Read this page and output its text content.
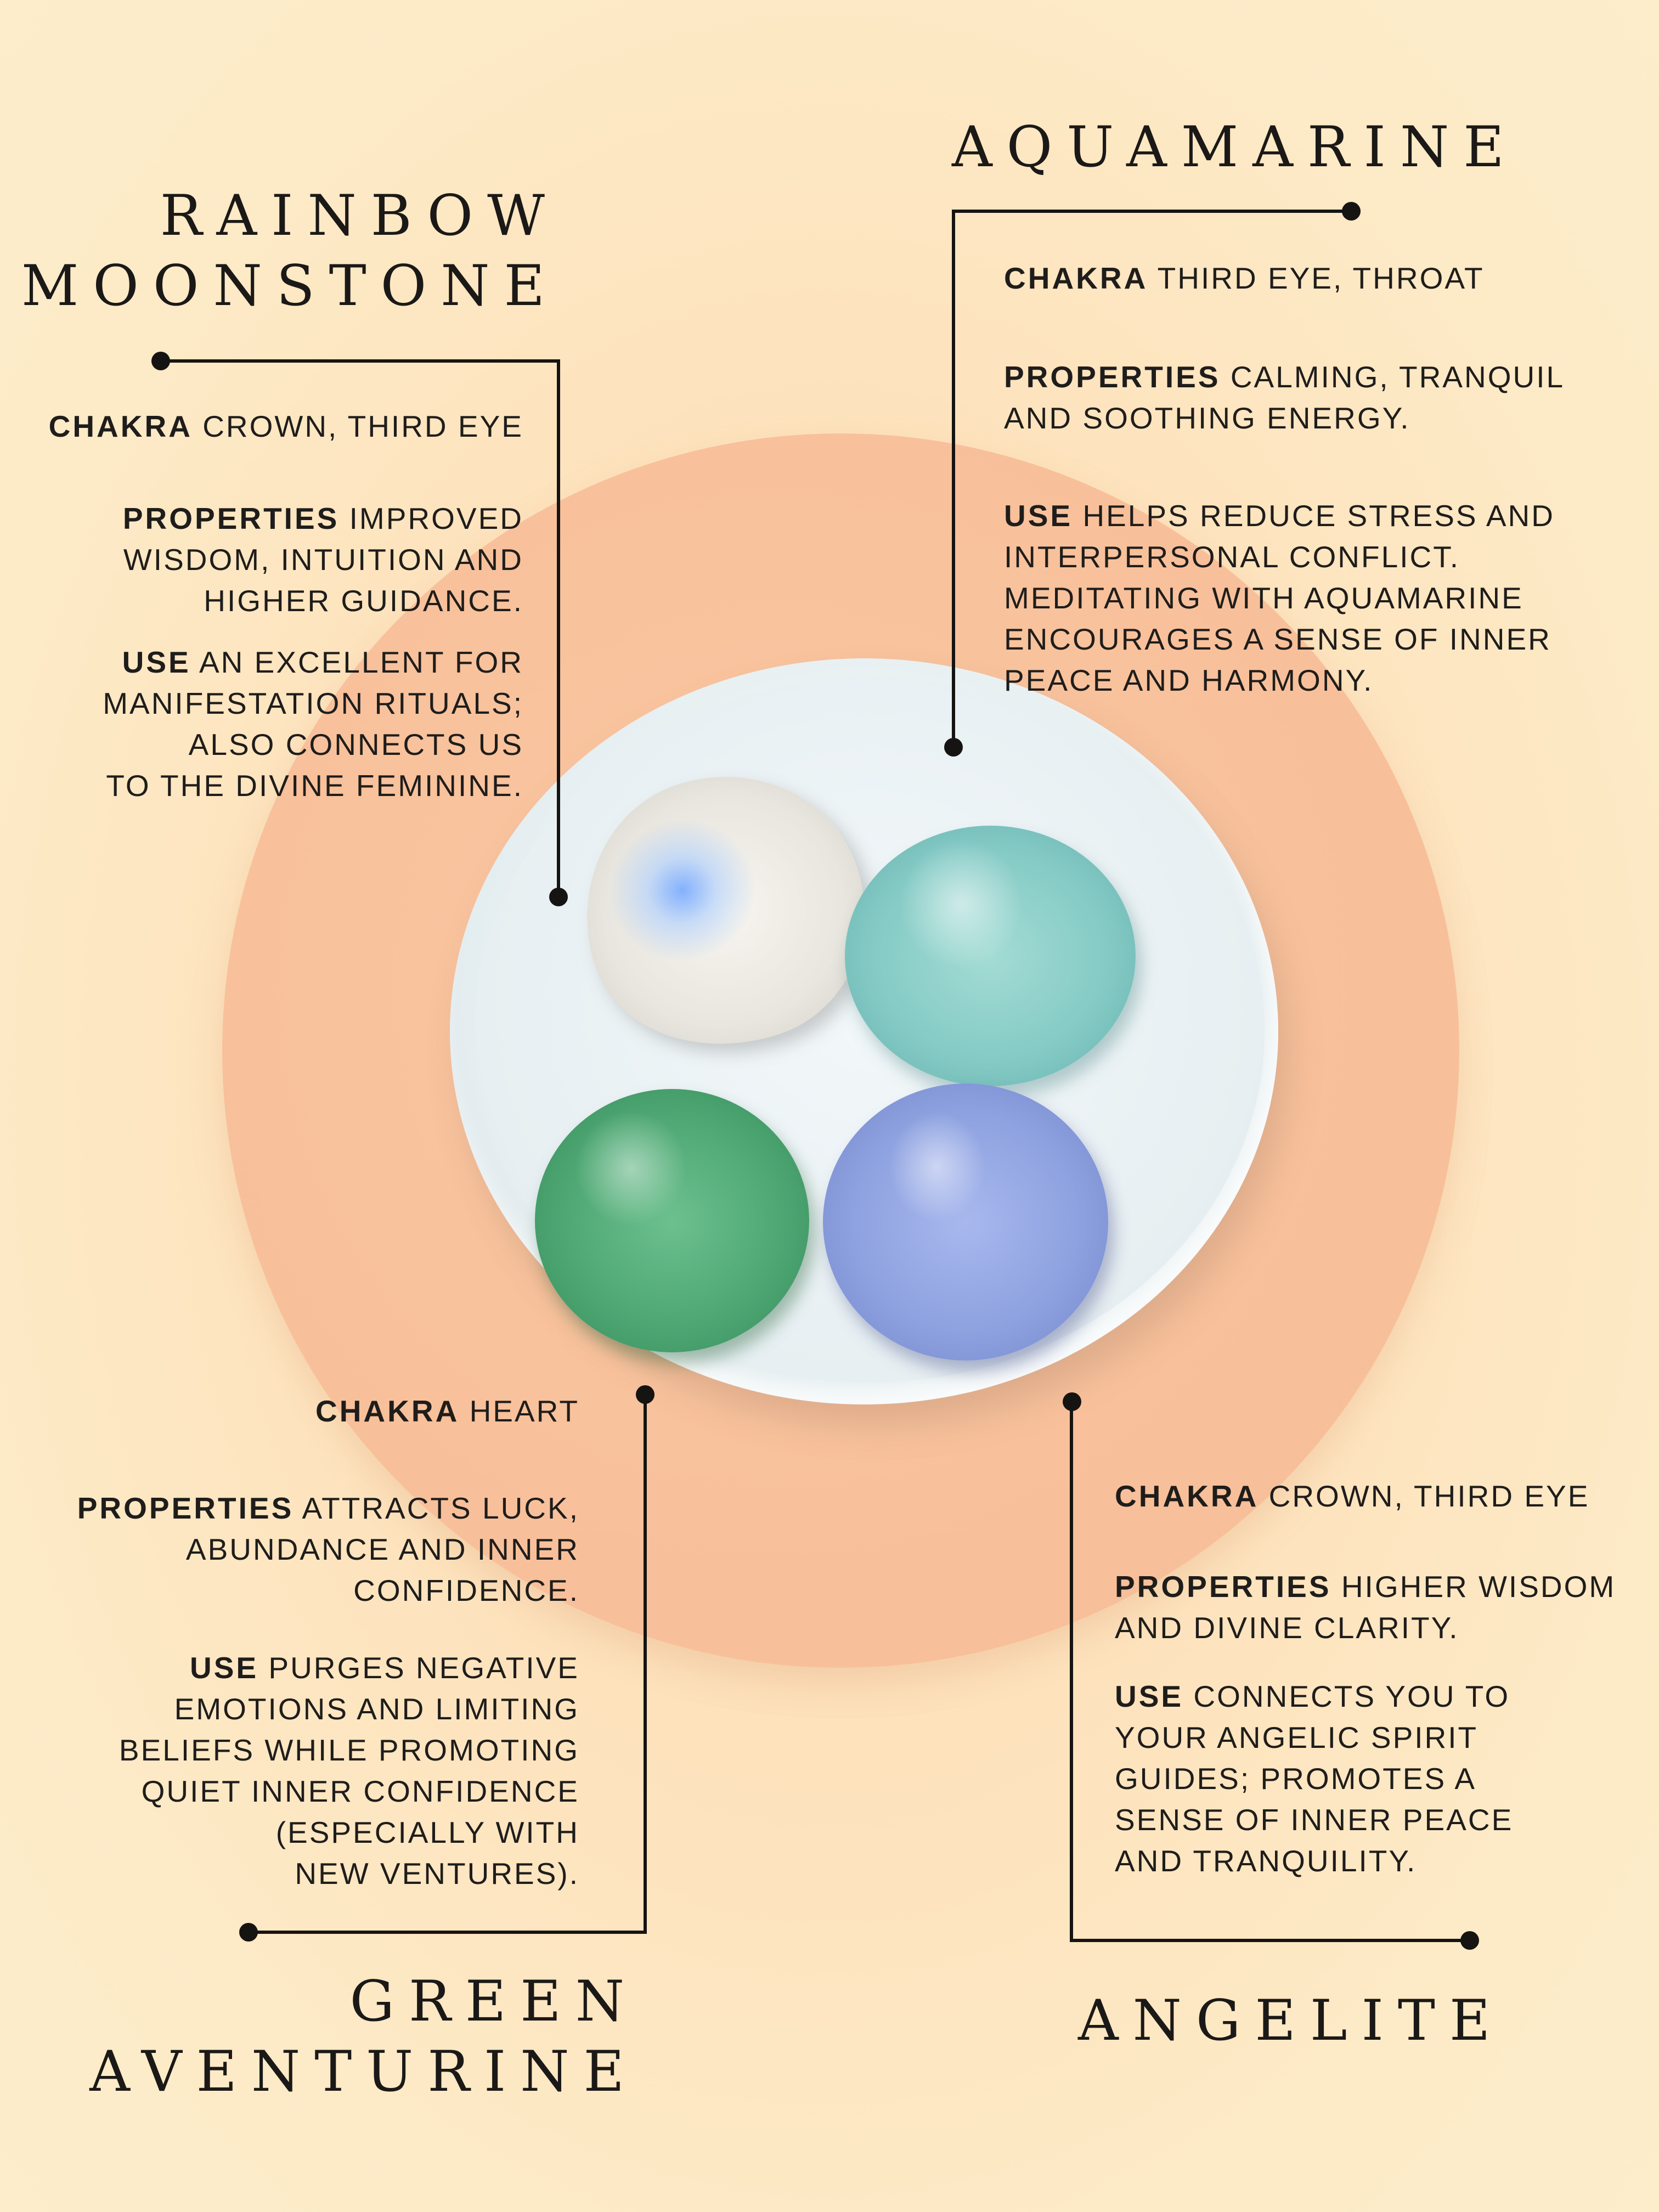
RAINBOW
MOONSTONE
CHAKRA CROWN, THIRD EYE
PROPERTIES IMPROVED
WISDOM, INTUITION AND
HIGHER GUIDANCE.
USE AN EXCELLENT FOR
MANIFESTATION RITUALS;
ALSO CONNECTS US
TO THE DIVINE FEMININE.
AQUAMARINE
CHAKRA THIRD EYE, THROAT
PROPERTIES CALMING, TRANQUIL
AND SOOTHING ENERGY.
USE HELPS REDUCE STRESS AND
INTERPERSONAL CONFLICT.
MEDITATING WITH AQUAMARINE
ENCOURAGES A SENSE OF INNER
PEACE AND HARMONY.
CHAKRA HEART
PROPERTIES ATTRACTS LUCK,
ABUNDANCE AND INNER
CONFIDENCE.
USE PURGES NEGATIVE
EMOTIONS AND LIMITING
BELIEFS WHILE PROMOTING
QUIET INNER CONFIDENCE
(ESPECIALLY WITH
NEW VENTURES).
GREEN
AVENTURINE
CHAKRA CROWN, THIRD EYE
PROPERTIES HIGHER WISDOM
AND DIVINE CLARITY.
USE CONNECTS YOU TO
YOUR ANGELIC SPIRIT
GUIDES; PROMOTES A
SENSE OF INNER PEACE
AND TRANQUILITY.
ANGELITE
